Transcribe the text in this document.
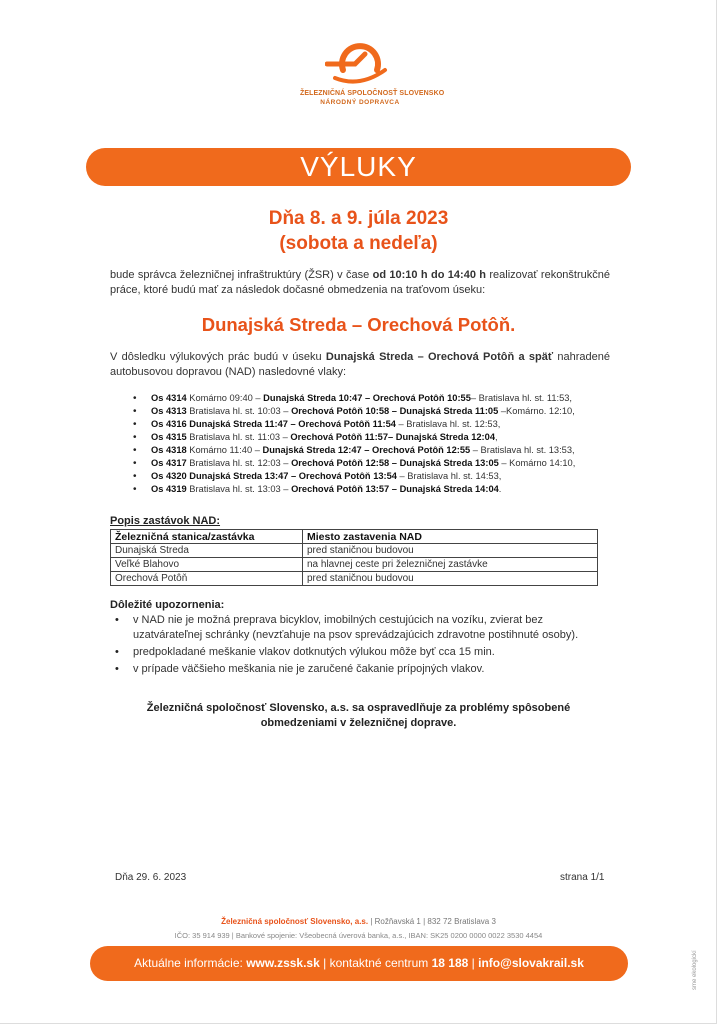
ŽELEZNIČNÁ SPOLOČNOSŤ SLOVENSKO
NÁRODNÝ DOPRAVCA
VÝLUKY
Dňa 8. a 9. júla 2023
(sobota a nedeľa)
bude správca železničnej infraštruktúry (ŽSR) v čase od 10:10 h do 14:40 h realizovať rekonštrukčné práce, ktoré budú mať za následok dočasné obmedzenia na traťovom úseku:
Dunajská Streda – Orechová Potôň.
V dôsledku výlukových prác budú v úseku Dunajská Streda – Orechová Potôň a späť nahradené autobusovou dopravou (NAD) nasledovné vlaky:
• Os 4314 Komárno 09:40 – Dunajská Streda 10:47 – Orechová Potôň 10:55– Bratislava hl. st. 11:53,
• Os 4313 Bratislava hl. st. 10:03 – Orechová Potôň 10:58 – Dunajská Streda 11:05 –Komárno. 12:10,
• Os 4316 Dunajská Streda 11:47 – Orechová Potôň 11:54 – Bratislava hl. st. 12:53,
• Os 4315 Bratislava hl. st. 11:03 – Orechová Potôň 11:57– Dunajská Streda 12:04,
• Os 4318 Komárno 11:40 – Dunajská Streda 12:47 – Orechová Potôň 12:55 – Bratislava hl. st. 13:53,
• Os 4317 Bratislava hl. st. 12:03 – Orechová Potôň 12:58 – Dunajská Streda 13:05 – Komárno 14:10,
• Os 4320 Dunajská Streda 13:47 – Orechová Potôň 13:54 – Bratislava hl. st. 14:53,
• Os 4319 Bratislava hl. st. 13:03 – Orechová Potôň 13:57 – Dunajská Streda 14:04.
Popis zastávok NAD:
Železničná stanica/zastávka	Miesto zastavenia NAD
Dunajská Streda	pred staničnou budovou
Veľké Blahovo	na hlavnej ceste pri železničnej zastávke
Orechová Potôň	pred staničnou budovou
Dôležité upozornenia:
• v NAD nie je možná preprava bicyklov, imobilných cestujúcich na vozíku, zvierat bez uzatváratеľnej schránky (nevzťahuje na psov sprevádzajúcich zdravotne postihnuté osoby).
• predpokladané meškanie vlakov dotknutých výlukou môže byť cca 15 min.
• v prípade väčšieho meškania nie je zaručené čakanie prípojných vlakov.
Železničná spoločnosť Slovensko, a.s. sa ospravedlňuje za problémy spôsobené
obmedzeniami v železničnej doprave.
Dňa 29. 6. 2023	strana 1/1
Železničná spoločnosť Slovensko, a.s. | Rožňavská 1 | 832 72 Bratislava 3
IČO: 35 914 939 | Bankové spojenie: Všeobecná úverová banka, a.s., IBAN: SK25 0200 0000 0022 3530 4454
Aktuálne informácie: www.zssk.sk | kontaktné centrum 18 188 | info@slovakrail.sk	sme ekologickí
